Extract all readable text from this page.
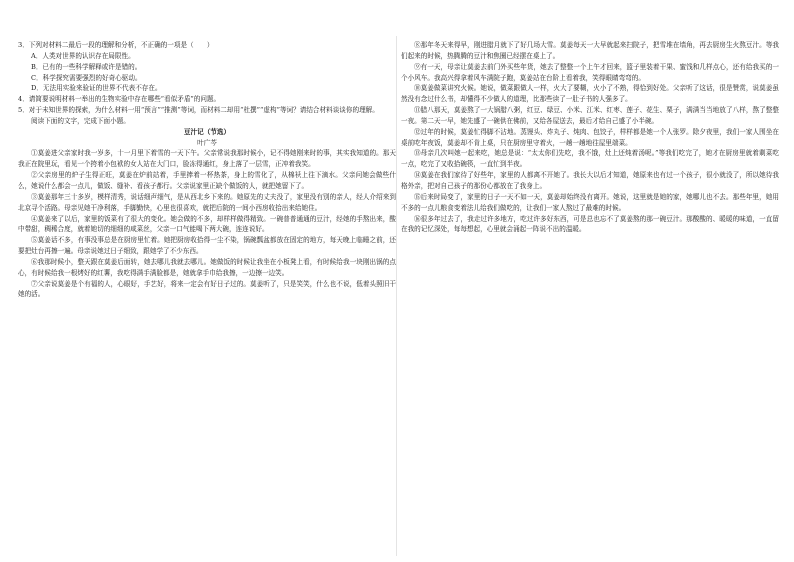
3．下列对材料二最后一段的理解和分析，不正确的一项是（　　）

A．人类对世界的认识存在局限性。

B．已有的一些科学解释或许是错的。

C．科学探究需要强烈的好奇心驱动。

D．无法用实验来验证的世界不代表不存在。

4．请简要说明材料一举出的生物实验中存在哪些“看似矛盾”的问题。

5．对于未知世界的探索，为什么材料一用“预言”“推测”等词，而材料二却用“杜撰”“虚构”等词？请结合材料谈谈你的理解。

阅读下面的文字，完成下面小题。

豆汁记（节选）

叶广芩

①莫姜进父亲家时我一岁多，十一月里下着雪的一天下午。父亲常说我那时候小，记不得她刚来时的事，其实我知道的。那天我正在院里玩，看见一个挎着小包袱的女人站在大门口，脸冻得通红，身上落了一层雪，正冲着我笑。

②父亲房里的炉子生得正旺，莫姜在炉前站着，手里捧着一杯热茶，身上的雪化了，从棉袄上往下滴水。父亲问她会做些什么，她说什么都会一点儿，做饭、缝补、看孩子都行。父亲说家里正缺个做饭的人，就把她留下了。

③莫姜那年三十多岁，模样清秀，说话细声细气，是从西北乡下来的。她原先的丈夫没了，家里没有别的亲人，经人介绍来到北京寻个活路。母亲见她干净利落，手脚勤快，心里也很喜欢，就把后院的一间小西房收拾出来给她住。

④莫姜来了以后，家里的饭菜有了很大的变化。她会做的不多，却样样做得精致。一碗普普通通的豆汁，经她的手熬出来，酸中带甜，稠稀合度，就着她切的细细的咸菜丝，父亲一口气能喝下两大碗，连连说好。

⑤莫姜话不多，有事没事总是在厨房里忙着。她把厨房收拾得一尘不染，锅碗瓢盆都放在固定的地方，每天晚上临睡之前，还要把灶台再擦一遍。母亲说她过日子细致，跟她学了不少东西。

⑥我那时候小，整天跟在莫姜后面转，她去哪儿我就去哪儿。她做饭的时候让我坐在小板凳上看，有时候给我一块刚出锅的点心，有时候给我一根烤好的红薯，我吃得满手满脸都是，她就拿手巾给我擦，一边擦一边笑。

⑦父亲说莫姜是个有福的人，心眼好，手艺好，将来一定会有好日子过的。莫姜听了，只是笑笑，什么也不说，低着头照旧干她的活。

⑧那年冬天来得早，刚进腊月就下了好几场大雪。莫姜每天一大早就起来扫院子，把雪堆在墙角，再去厨房生火熬豆汁。等我们起来的时候，热腾腾的豆汁和焦圈已经摆在桌上了。

⑨有一天，母亲让莫姜去前门外买些年货，她去了整整一个上午才回来，篮子里装着干果、蜜饯和几样点心，还有给我买的一个小风车。我高兴得拿着风车满院子跑，莫姜站在台阶上看着我，笑得眼睛弯弯的。

⑩莫姜做菜讲究火候。她说，做菜跟做人一样，火大了要糊，火小了不熟，得恰到好处。父亲听了这话，很是赞赏，说莫姜虽然没有念过什么书，却懂得不少做人的道理，比那些读了一肚子书的人强多了。

⑪腊八那天，莫姜熬了一大锅腊八粥，红豆、绿豆、小米、江米、红枣、莲子、花生、栗子，满满当当地放了八样，熬了整整一夜。第二天一早，她先盛了一碗供在佛前，又给各屋送去，最后才给自己盛了小半碗。

⑫过年的时候，莫姜忙得脚不沾地。蒸馒头、炸丸子、炖肉、包饺子，样样都是她一个人张罗。除夕夜里，我们一家人围坐在桌前吃年夜饭，莫姜却不肯上桌，只在厨房里守着火，一趟一趟地往屋里端菜。

⑬母亲几次叫她一起来吃，她总是说：“太太你们先吃，我不饿，灶上还炖着汤呢。”等我们吃完了，她才在厨房里就着剩菜吃一点，吃完了又收拾碗筷，一直忙到半夜。

⑭莫姜在我们家待了好些年，家里的人都离不开她了。我长大以后才知道，她原来也有过一个孩子，很小就没了，所以她待我格外亲，把对自己孩子的那份心都放在了我身上。

⑮后来时局变了，家里的日子一天不如一天，莫姜却始终没有离开。她说，这里就是她的家，她哪儿也不去。那些年里，她用不多的一点儿粮食变着法儿给我们做吃的，让我们一家人熬过了最难的时候。

⑯很多年过去了，我走过许多地方，吃过许多好东西，可是总也忘不了莫姜熬的那一碗豆汁。那酸酸的、暖暖的味道，一直留在我的记忆深处，每每想起，心里就会涌起一阵说不出的温暖。
